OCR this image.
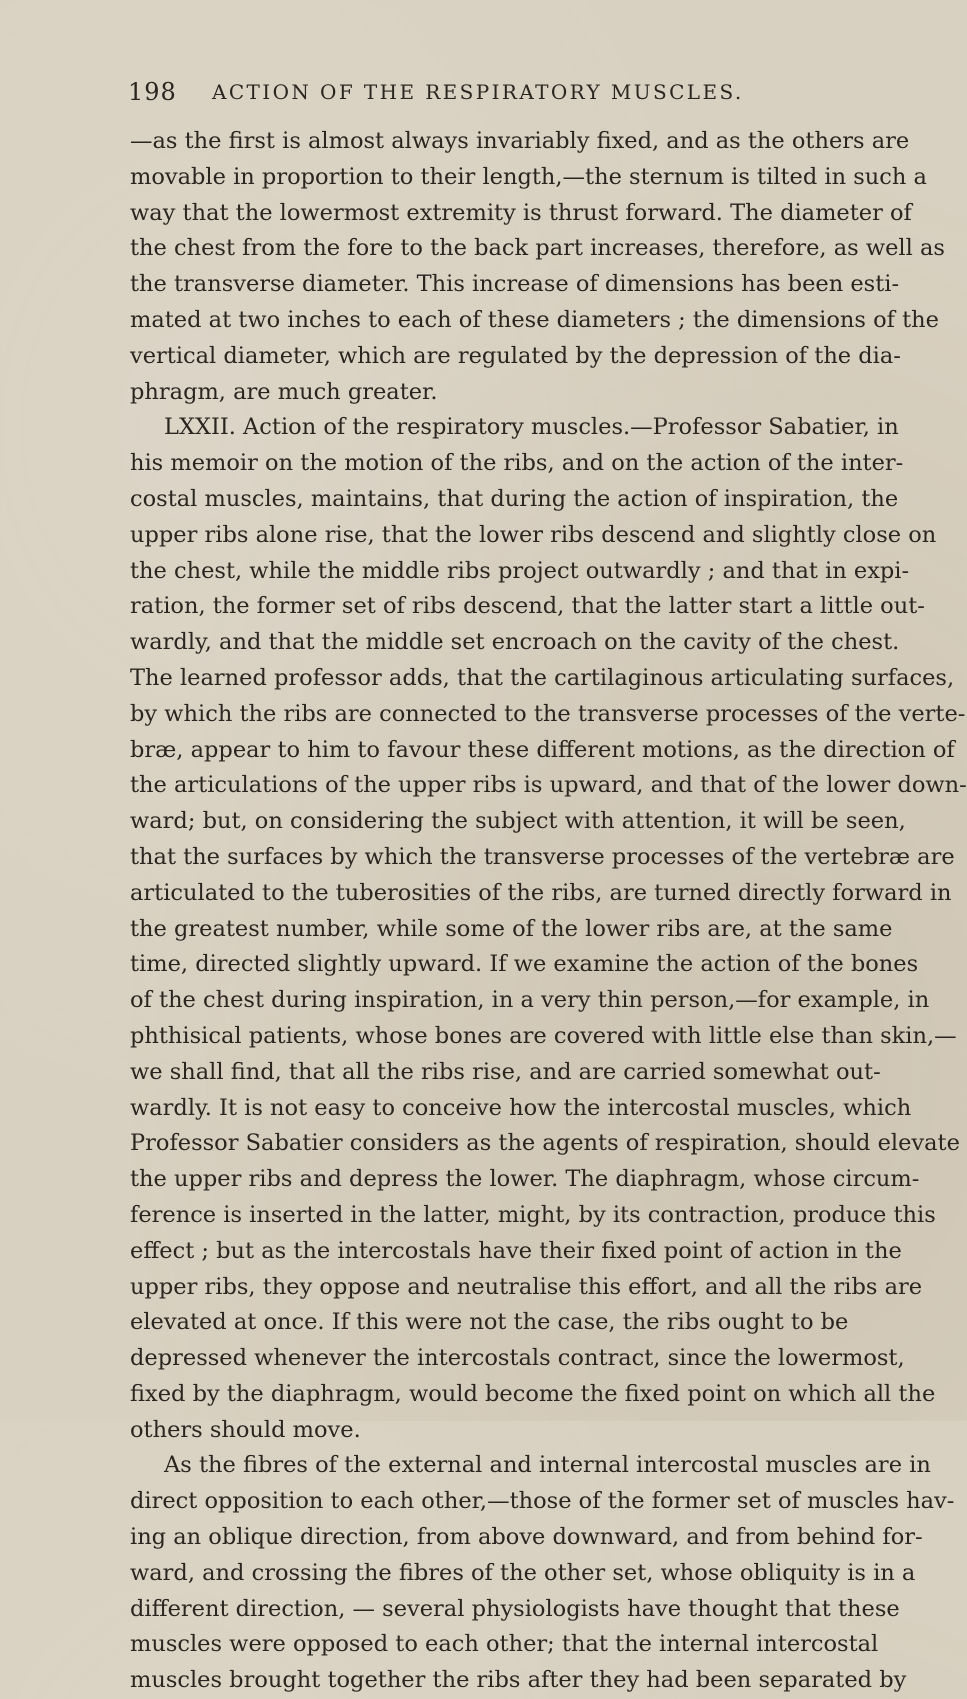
198 ACTION OF THE RESPIRATORY MUSCLES.
—as the first is almost always invariably fixed, and as the others are
movable in proportion to their length,—the sternum is tilted in such a
way that the lowermost extremity is thrust forward. The diameter of
the chest from the fore to the back part increases, therefore, as well as
the transverse diameter. This increase of dimensions has been esti-
mated at two inches to each of these diameters ; the dimensions of the
vertical diameter, which are regulated by the depression of the dia-
phragm, are much greater.
LXXII. Action of the respiratory muscles.—Professor Sabatier, in
his memoir on the motion of the ribs, and on the action of the inter-
costal muscles, maintains, that during the action of inspiration, the
upper ribs alone rise, that the lower ribs descend and slightly close on
the chest, while the middle ribs project outwardly ; and that in expi-
ration, the former set of ribs descend, that the latter start a little out-
wardly, and that the middle set encroach on the cavity of the chest.
The learned professor adds, that the cartilaginous articulating surfaces,
by which the ribs are connected to the transverse processes of the verte-
bræ, appear to him to favour these different motions, as the direction of
the articulations of the upper ribs is upward, and that of the lower down-
ward; but, on considering the subject with attention, it will be seen,
that the surfaces by which the transverse processes of the vertebræ are
articulated to the tuberosities of the ribs, are turned directly forward in
the greatest number, while some of the lower ribs are, at the same
time, directed slightly upward. If we examine the action of the bones
of the chest during inspiration, in a very thin person,—for example, in
phthisical patients, whose bones are covered with little else than skin,—
we shall find, that all the ribs rise, and are carried somewhat out-
wardly. It is not easy to conceive how the intercostal muscles, which
Professor Sabatier considers as the agents of respiration, should elevate
the upper ribs and depress the lower. The diaphragm, whose circum-
ference is inserted in the latter, might, by its contraction, produce this
effect ; but as the intercostals have their fixed point of action in the
upper ribs, they oppose and neutralise this effort, and all the ribs are
elevated at once. If this were not the case, the ribs ought to be
depressed whenever the intercostals contract, since the lowermost,
fixed by the diaphragm, would become the fixed point on which all the
others should move.
As the fibres of the external and internal intercostal muscles are in
direct opposition to each other,—those of the former set of muscles hav-
ing an oblique direction, from above downward, and from behind for-
ward, and crossing the fibres of the other set, whose obliquity is in a
different direction, — several physiologists have thought that these
muscles were opposed to each other; that the internal intercostal
muscles brought together the ribs after they had been separated by
